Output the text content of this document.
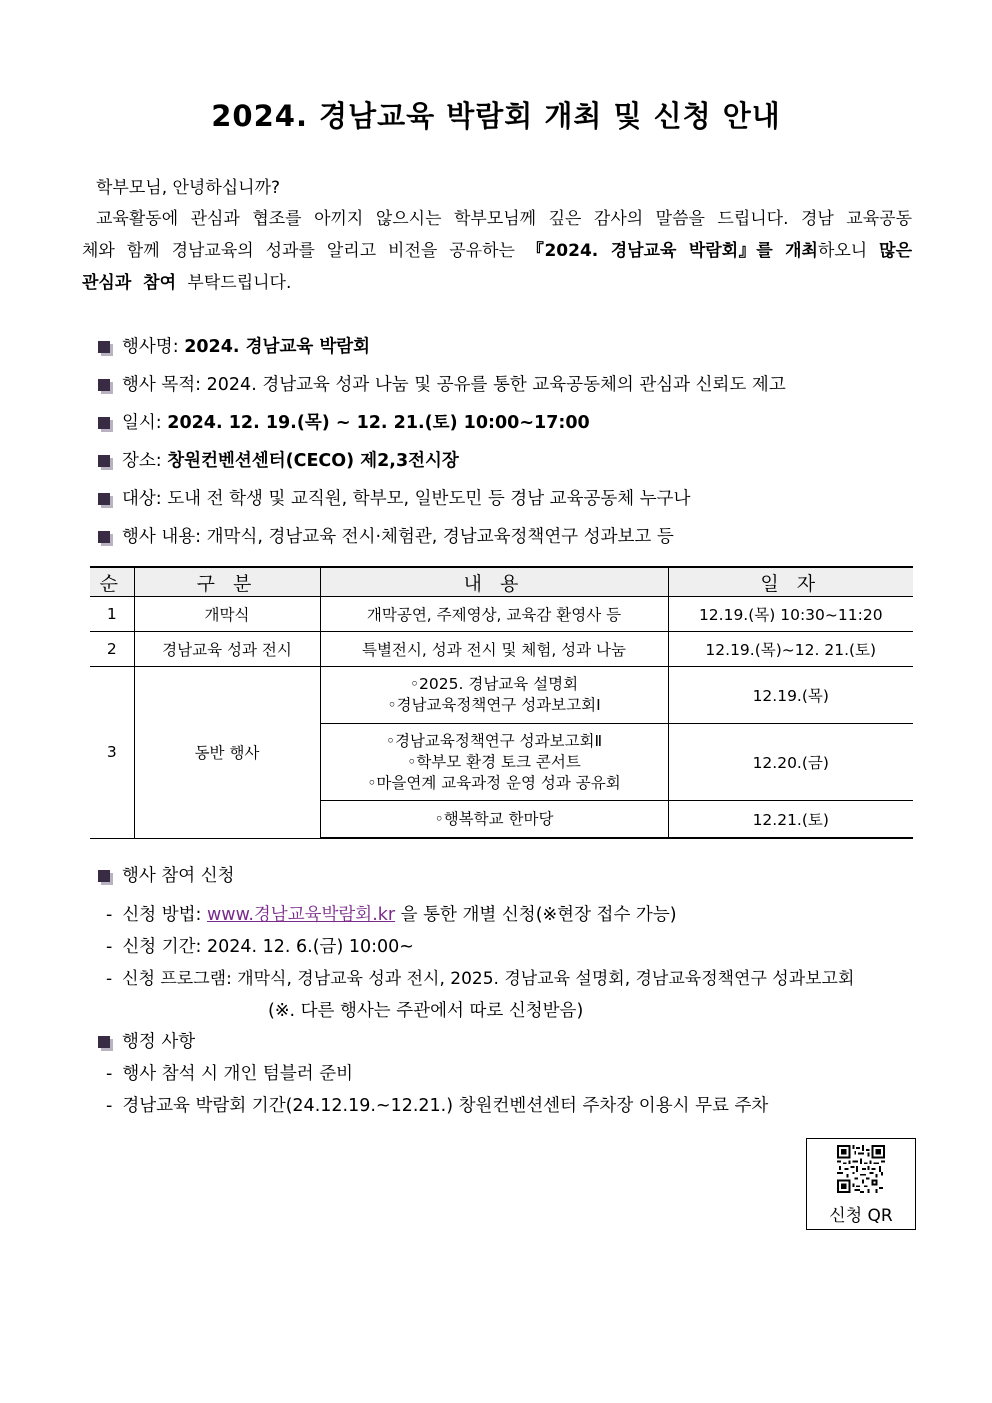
2024. 경남교육 박람회 개최 및 신청 안내
학부모님, 안녕하십니까?
교육활동에 관심과 협조를 아끼지 않으시는 학부모님께 깊은 감사의 말씀을 드립니다. 경남 교육공동체와 함께 경남교육의 성과를 알리고 비전을 공유하는 『2024. 경남교육 박람회』를 개최하오니 많은 관심과 참여 부탁드립니다.
행사명: 2024. 경남교육 박람회
행사 목적: 2024. 경남교육 성과 나눔 및 공유를 통한 교육공동체의 관심과 신뢰도 제고
일시: 2024. 12. 19.(목) ~ 12. 21.(토) 10:00~17:00
장소: 창원컨벤션센터(CECO) 제2,3전시장
대상: 도내 전 학생 및 교직원, 학부모, 일반도민 등 경남 교육공동체 누구나
행사 내용: 개막식, 경남교육 전시·체험관, 경남교육정책연구 성과보고 등
순	구 분	내 용	일 자
1	개막식	개막공연, 주제영상, 교육감 환영사 등	12.19.(목) 10:30~11:20
2	경남교육 성과 전시	특별전시, 성과 전시 및 체험, 성과 나눔	12.19.(목)~12. 21.(토)
3	동반 행사	◦2025. 경남교육 설명회
◦경남교육정책연구 성과보고회Ⅰ	12.19.(목)

		◦경남교육정책연구 성과보고회Ⅱ
◦학부모 환경 토크 콘서트
◦마을연계 교육과정 운영 성과 공유회	12.20.(금)

		◦행복학교 한마당	12.21.(토)
행사 참여 신청
- 신청 방법: www.경남교육박람회.kr 을 통한 개별 신청(※현장 접수 가능)
- 신청 기간: 2024. 12. 6.(금) 10:00~
- 신청 프로그램: 개막식, 경남교육 성과 전시, 2025. 경남교육 설명회, 경남교육정책연구 성과보고회
(※. 다른 행사는 주관에서 따로 신청받음)
행정 사항
- 행사 참석 시 개인 텀블러 준비
- 경남교육 박람회 기간(24.12.19.~12.21.) 창원컨벤션센터 주차장 이용시 무료 주차
신청 QR
